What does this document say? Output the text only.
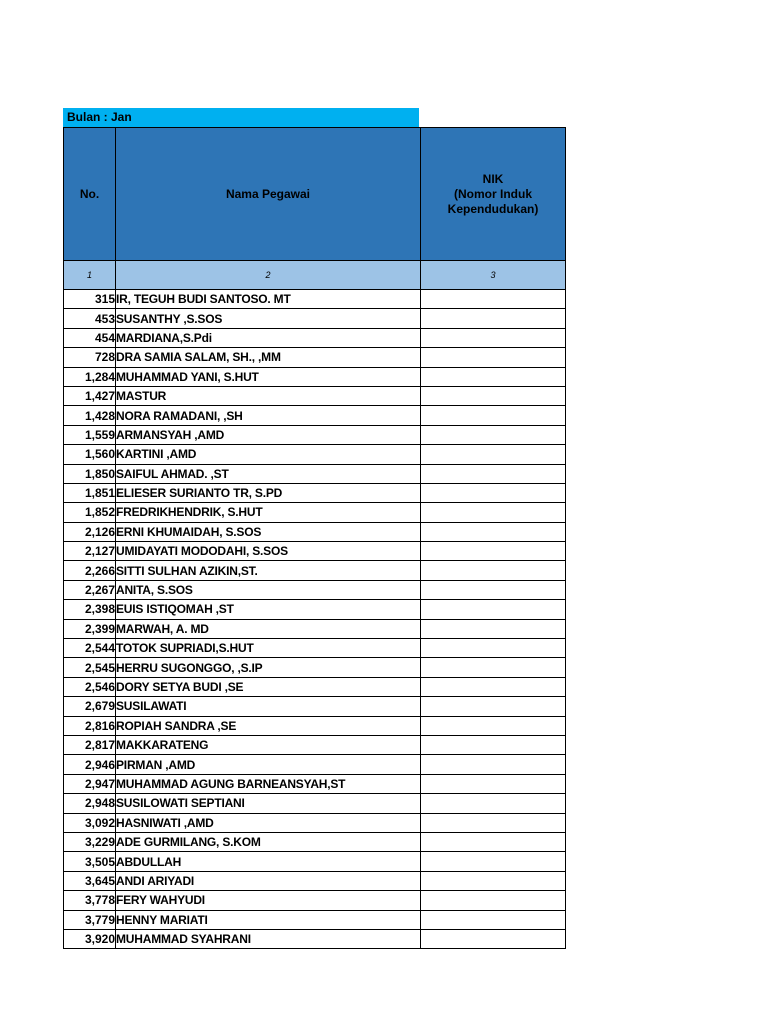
Bulan : Jan
No.	Nama Pegawai	NIK
(Nomor Induk
Kependudukan)

1	2	3
315	IR, TEGUH BUDI SANTOSO. MT	
453	SUSANTHY ,S.SOS	
454	MARDIANA,S.Pdi	
728	DRA SAMIA SALAM, SH., ,MM	
1,284	MUHAMMAD YANI, S.HUT	
1,427	MASTUR	
1,428	NORA RAMADANI, ,SH	
1,559	ARMANSYAH ,AMD	
1,560	KARTINI ,AMD	
1,850	SAIFUL AHMAD. ,ST	
1,851	ELIESER SURIANTO TR, S.PD	
1,852	FREDRIKHENDRIK, S.HUT	
2,126	ERNI KHUMAIDAH, S.SOS	
2,127	UMIDAYATI MODODAHI, S.SOS	
2,266	SITTI SULHAN AZIKIN,ST.	
2,267	ANITA, S.SOS	
2,398	EUIS ISTIQOMAH ,ST	
2,399	MARWAH, A. MD	
2,544	TOTOK SUPRIADI,S.HUT	
2,545	HERRU SUGONGGO, ,S.IP	
2,546	DORY SETYA BUDI ,SE	
2,679	SUSILAWATI	
2,816	ROPIAH SANDRA ,SE	
2,817	MAKKARATENG	
2,946	PIRMAN ,AMD	
2,947	MUHAMMAD AGUNG BARNEANSYAH,ST	
2,948	SUSILOWATI SEPTIANI	
3,092	HASNIWATI ,AMD	
3,229	ADE GURMILANG, S.KOM	
3,505	ABDULLAH	
3,645	ANDI ARIYADI	
3,778	FERY WAHYUDI	
3,779	HENNY MARIATI	
3,920	MUHAMMAD SYAHRANI	
